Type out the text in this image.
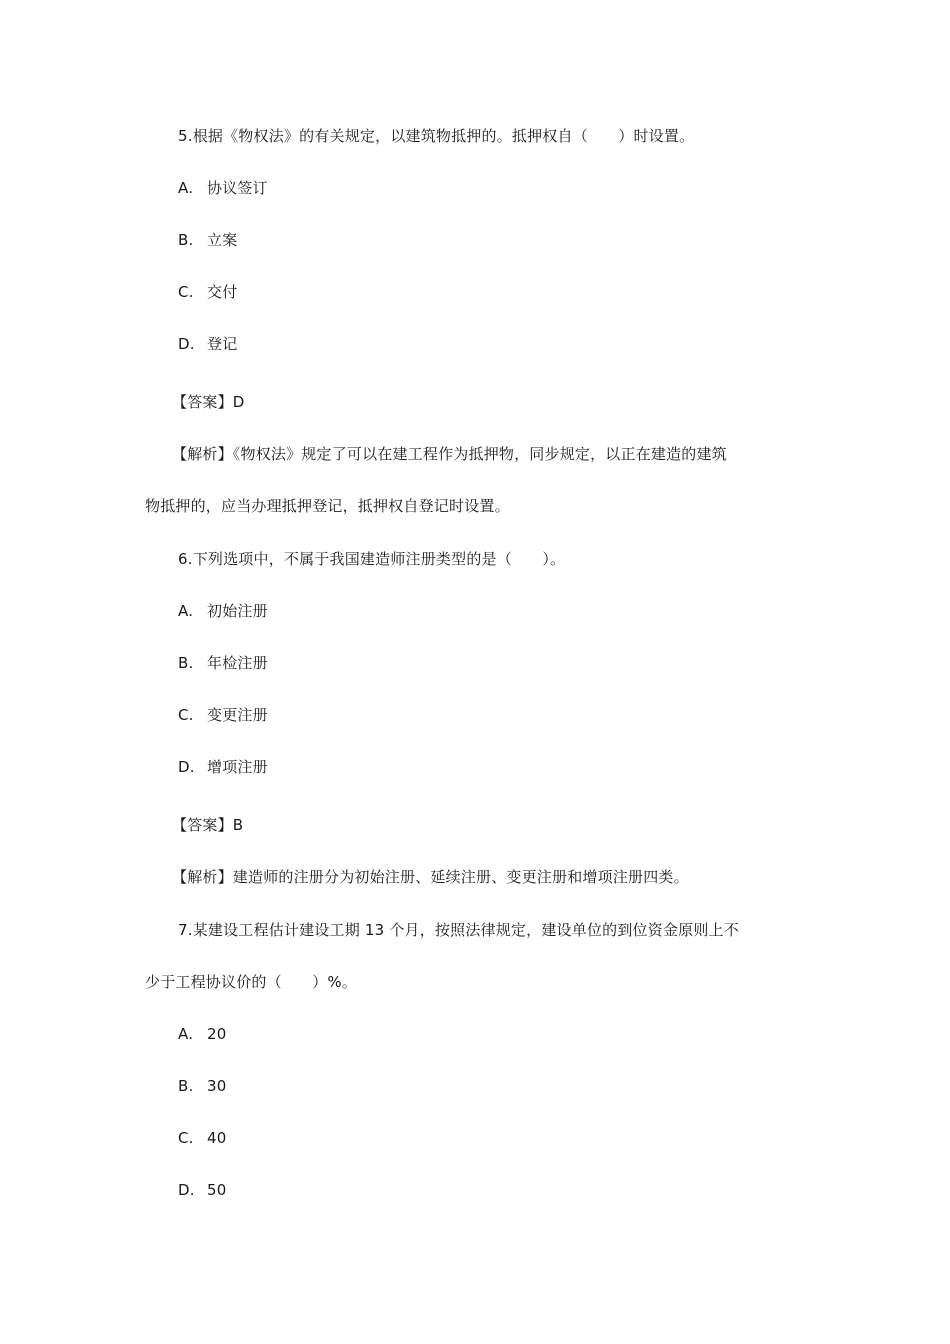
5.根据《物权法》的有关规定，以建筑物抵押的。抵押权自（　　）时设置。
A. 协议签订
B. 立案
C. 交付
D. 登记
【答案】D
【解析】《物权法》规定了可以在建工程作为抵押物，同步规定，以正在建造的建筑
物抵押的，应当办理抵押登记，抵押权自登记时设置。
6.下列选项中，不属于我国建造师注册类型的是（　　）。
A. 初始注册
B. 年检注册
C. 变更注册
D. 增项注册
【答案】B
【解析】建造师的注册分为初始注册、延续注册、变更注册和增项注册四类。
7.某建设工程估计建设工期 13 个月，按照法律规定，建设单位的到位资金原则上不
少于工程协议价的（　　）%。
A. 20
B. 30
C. 40
D. 50
